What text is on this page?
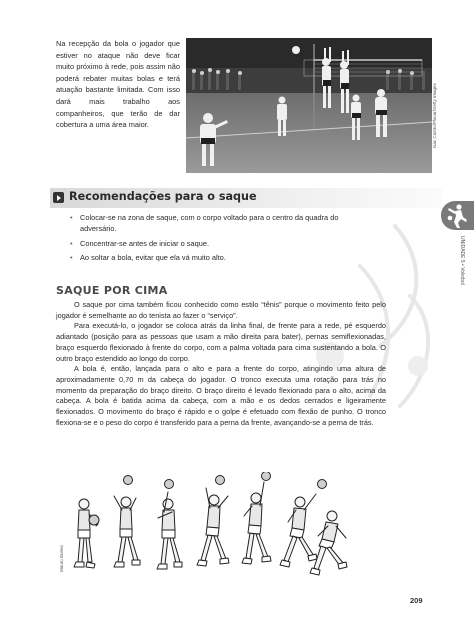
Na recepção da bola o jogador que estiver no ataque não deve ficar muito próximo à rede, pois assim não poderá rebater muitas bolas e terá atuação bastante limitada. Com isso dará mais trabalho aos companheiros, que terão de dar cobertura a uma área maior.	Isac Castro/Placar/Getty Images
Recomendações para o saque
• Colocar-se na zona de saque, com o corpo voltado para o centro da quadra do adversário.
• Concentrar-se antes de iniciar o saque.
• Ao soltar a bola, evitar que ela vá muito alto.	UNIDADE 5 • Voleibol
SAQUE POR CIMA

O saque por cima também ficou conhecido como estilo “tênis” porque o movimento feito pelo jogador é semelhante ao do tenista ao fazer o “serviço”.

Para executá-lo, o jogador se coloca atrás da linha final, de frente para a rede, pé esquerdo adiantado (posição para as pessoas que usam a mão direita para bater), pernas semiflexionadas, braço esquerdo flexionado à frente do corpo, com a palma voltada para cima sustentando a bola. O outro braço estendido ao longo do corpo.

A bola é, então, lançada para o alto e para a frente do corpo, atingindo uma altura de aproximadamente 0,70 m da cabeça do jogador. O tronco executa uma rotação para trás no momento da preparação do braço direito. O braço direito é levado flexionado para o alto, acima da cabeça. A bola é batida acima da cabeça, com a mão e os dedos cerrados e ligeiramente flexionados. O movimento do braço é rápido e o golpe é efetuado com flexão de punho. O tronco flexiona-se e o peso do corpo é transferido para a perna da frente, avançando-se a perna de trás.

Mauro Bueno
209
